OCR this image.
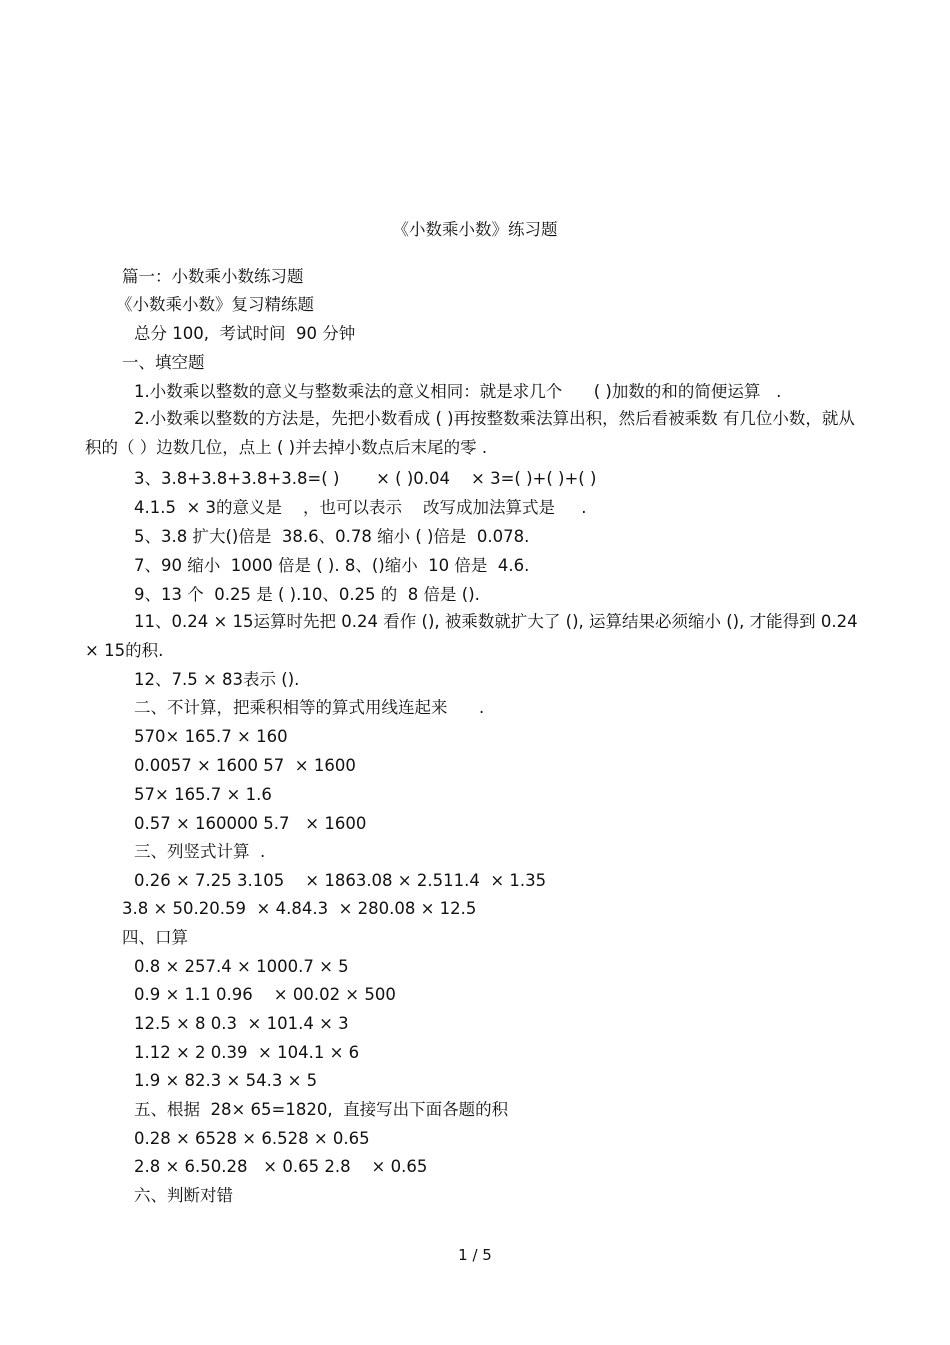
《小数乘小数》练习题
篇一：小数乘小数练习题
《小数乘小数》复习精练题
总分 100,  考试时间  90 分钟
一、填空题
1.小数乘以整数的意义与整数乘法的意义相同：就是求几个      ( )加数的和的简便运算   .
2.小数乘以整数的方法是，先把小数看成 ( )再按整数乘法算出积，然后看被乘数 有几位小数，就从积的（ ）边数几位，点上 ( )并去掉小数点后末尾的零 .
3、3.8+3.8+3.8+3.8=( )       × ( )0.04    × 3=( )+( )+( )
4.1.5  × 3的意义是    ，也可以表示    改写成加法算式是     .
5、3.8 扩大()倍是  38.6、0.78 缩小 ( )倍是  0.078.
7、90 缩小  1000 倍是 ( ). 8、()缩小  10 倍是  4.6.
9、13 个  0.25 是 ( ).10、0.25 的  8 倍是 ().
11、0.24 × 15运算时先把 0.24 看作 (), 被乘数就扩大了 (), 运算结果必须缩小 (), 才能得到 0.24 × 15的积.
12、7.5 × 83表示 ().
二、不计算，把乘积相等的算式用线连起来      .
570× 165.7 × 160
0.0057 × 1600 57  × 1600
57× 165.7 × 1.6
0.57 × 160000 5.7   × 1600
三、列竖式计算  .
0.26 × 7.25 3.105    × 1863.08 × 2.511.4  × 1.35
3.8 × 50.20.59  × 4.84.3  × 280.08 × 12.5
四、口算
0.8 × 257.4 × 1000.7 × 5
0.9 × 1.1 0.96    × 00.02 × 500
12.5 × 8 0.3  × 101.4 × 3
1.12 × 2 0.39  × 104.1 × 6
1.9 × 82.3 × 54.3 × 5
五、根据  28× 65=1820,  直接写出下面各题的积
0.28 × 6528 × 6.528 × 0.65
2.8 × 6.50.28   × 0.65 2.8    × 0.65
六、判断对错
1 / 5
